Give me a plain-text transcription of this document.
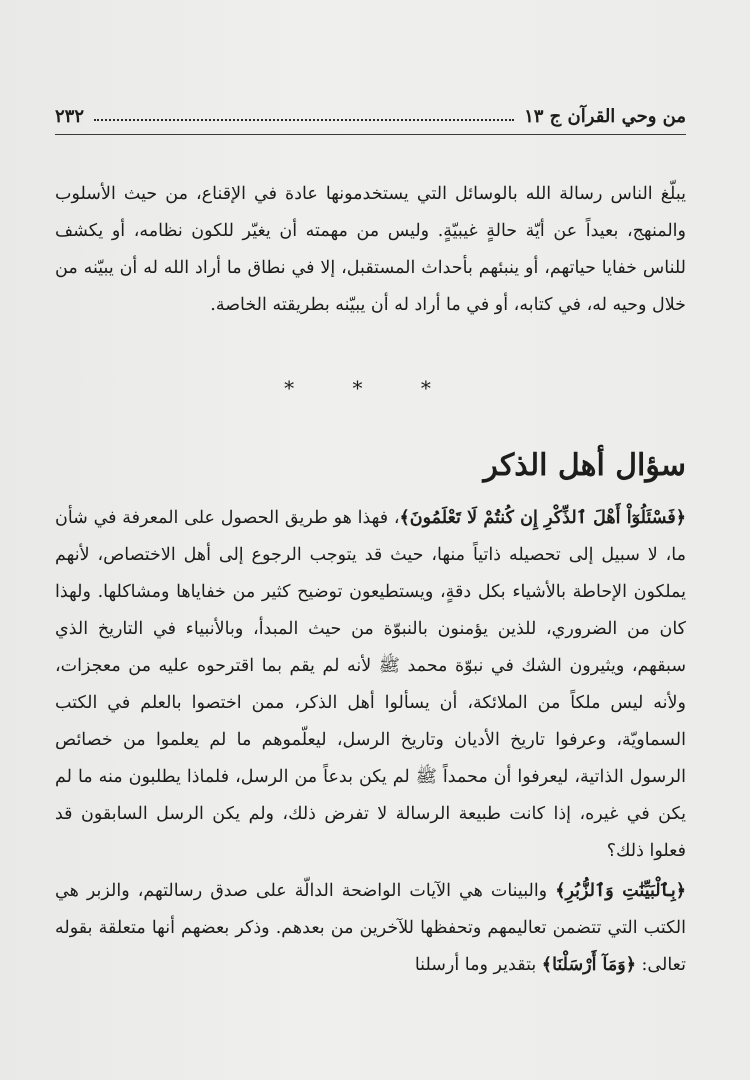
من وحي القرآن ج ١٣
٢٣٢

يبلّغ الناس رسالة الله بالوسائل التي يستخدمونها عادة في الإقناع، من حيث الأسلوب والمنهج، بعيداً عن أيّة حالةٍ غيبيّةٍ. وليس من مهمته أن يغيّر للكون نظامه، أو يكشف للناس خفايا حياتهم، أو ينبئهم بأحداث المستقبل، إلا في نطاق ما أراد الله له أن يبيّنه من خلال وحيه له، في كتابه، أو في ما أراد له أن يبيّنه بطريقته الخاصة.

* * *
سؤال أهل الذكر

﴿فَسْئَلُوٓاْ أَهْلَ ٱلذِّكْرِ إِن كُنتُمْ لَا تَعْلَمُونَ﴾، فهذا هو طريق الحصول على المعرفة في شأن ما، لا سبيل إلى تحصيله ذاتياً منها، حيث قد يتوجب الرجوع إلى أهل الاختصاص، لأنهم يملكون الإحاطة بالأشياء بكل دقةٍ، ويستطيعون توضيح كثير من خفاياها ومشاكلها. ولهذا كان من الضروري، للذين يؤمنون بالنبوّة من حيث المبدأ، وبالأنبياء في التاريخ الذي سبقهم، ويثيرون الشك في نبوّة محمد ﷺ لأنه لم يقم بما اقترحوه عليه من معجزات، ولأنه ليس ملكاً من الملائكة، أن يسألوا أهل الذكر، ممن اختصوا بالعلم في الكتب السماويّة، وعرفوا تاريخ الأديان وتاريخ الرسل، ليعلّموهم ما لم يعلموا من خصائص الرسول الذاتية، ليعرفوا أن محمداً ﷺ لم يكن بدعاً من الرسل، فلماذا يطلبون منه ما لم يكن في غيره، إذا كانت طبيعة الرسالة لا تفرض ذلك، ولم يكن الرسل السابقون قد فعلوا ذلك؟

﴿بِٱلْبَيِّنَٰتِ وَٱلزُّبُرِ﴾ والبينات هي الآيات الواضحة الدالّة على صدق رسالتهم، والزبر هي الكتب التي تتضمن تعاليمهم وتحفظها للآخرين من بعدهم. وذكر بعضهم أنها متعلقة بقوله تعالى: ﴿وَمَآ أَرْسَلْنَا﴾ بتقدير وما أرسلنا
